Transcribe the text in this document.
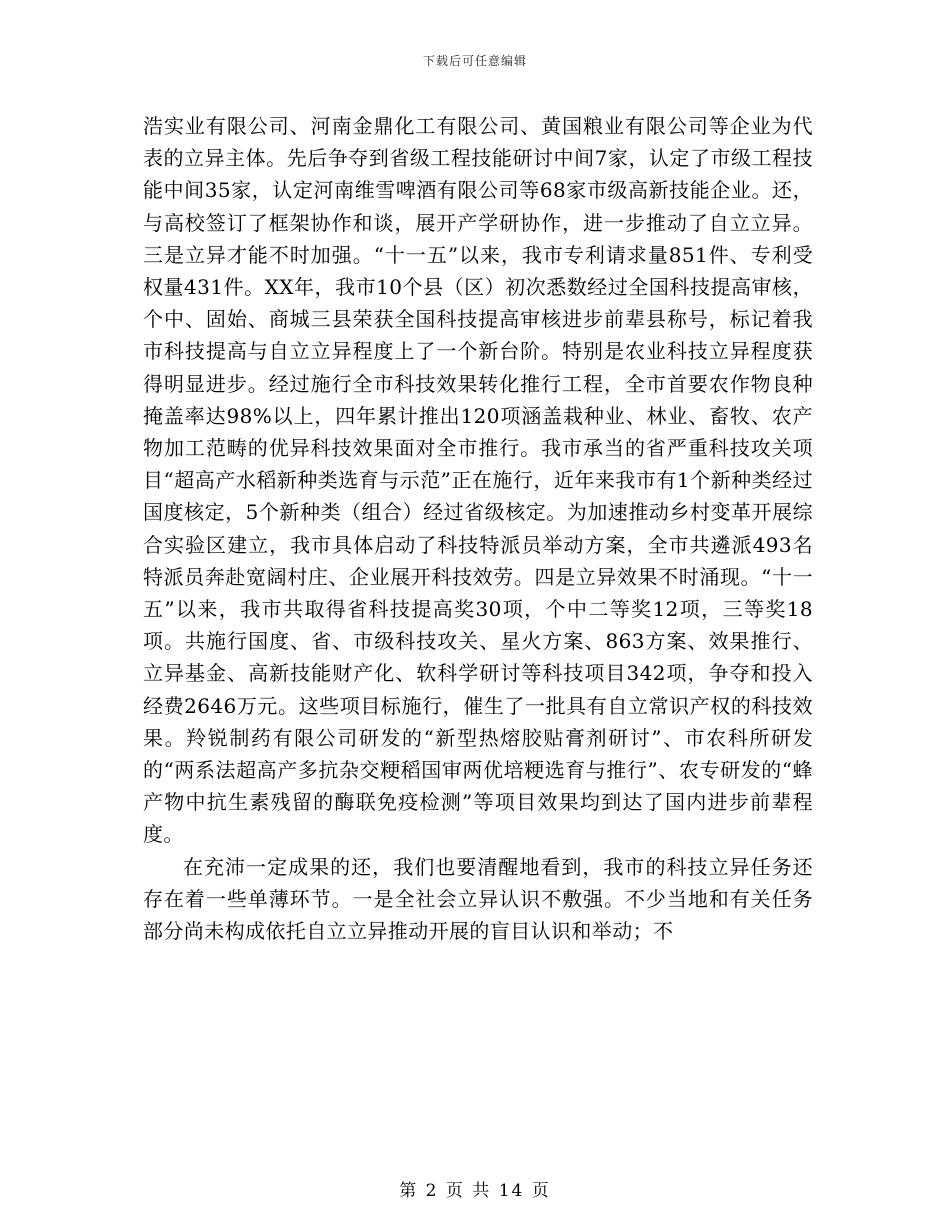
下载后可任意编辑

浩实业有限公司、河南金鼎化工有限公司、黄国粮业有限公司等企业为代表的立异主体。先后争夺到省级工程技能研讨中间7家，认定了市级工程技能中间35家，认定河南维雪啤酒有限公司等68家市级高新技能企业。还，与高校签订了框架协作和谈，展开产学研协作，进一步推动了自立立异。三是立异才能不时加强。“十一五”以来，我市专利请求量851件、专利受权量431件。XX年，我市10个县（区）初次悉数经过全国科技提高审核，个中、固始、商城三县荣获全国科技提高审核进步前辈县称号，标记着我市科技提高与自立立异程度上了一个新台阶。特别是农业科技立异程度获得明显进步。经过施行全市科技效果转化推行工程，全市首要农作物良种掩盖率达98%以上，四年累计推出120项涵盖栽种业、林业、畜牧、农产物加工范畴的优异科技效果面对全市推行。我市承当的省严重科技攻关项目“超高产水稻新种类选育与示范”正在施行，近年来我市有1个新种类经过国度核定，5个新种类（组合）经过省级核定。为加速推动乡村变革开展综合实验区建立，我市具体启动了科技特派员举动方案，全市共遴派493名特派员奔赴宽阔村庄、企业展开科技效劳。四是立异效果不时涌现。“十一五”以来，我市共取得省科技提高奖30项，个中二等奖12项，三等奖18项。共施行国度、省、市级科技攻关、星火方案、863方案、效果推行、立异基金、高新技能财产化、软科学研讨等科技项目342项，争夺和投入经费2646万元。这些项目标施行，催生了一批具有自立常识产权的科技效果。羚锐制药有限公司研发的“新型热熔胶贴膏剂研讨”、市农科所研发的“两系法超高产多抗杂交粳稻国审两优培粳选育与推行”、农专研发的“蜂产物中抗生素残留的酶联免疫检测”等项目效果均到达了国内进步前辈程度。

在充沛一定成果的还，我们也要清醒地看到，我市的科技立异任务还存在着一些单薄环节。一是全社会立异认识不敷强。不少当地和有关任务部分尚未构成依托自立立异推动开展的盲目认识和举动；不

第 2 页 共 14 页
